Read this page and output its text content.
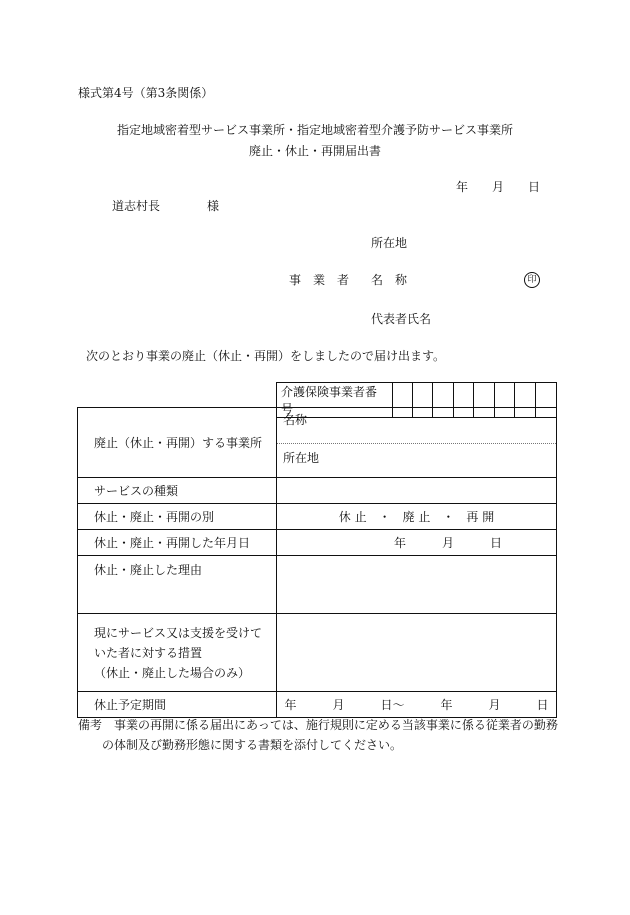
様式第4号（第3条関係）
指定地域密着型サービス事業所・指定地域密着型介護予防サービス事業所
廃止・休止・再開届出書
年 月 日
道志村長	様
所在地
事　業　者 名　称	印
代表者氏名
次のとおり事業の廃止（休止・再開）をしましたので届け出ます。
介護保険事業者番号								
廃止（休止・再開）する事業所	名称
所在地

サービスの種類	
休止・廃止・再開の別	休 止　・　廃 止　・　再 開
休止・廃止・再開した年月日	年　　　月　　　日
休止・廃止した理由	

現にサービス又は支援を受けて
いた者に対する措置
（休止・廃止した場合のみ）	

休止予定期間	年　　　月　　　日～　　　年　　　月　　　日
備考　事業の再開に係る届出にあっては、施行規則に定める当該事業に係る従業者の勤務
の体制及び勤務形態に関する書類を添付してください。
